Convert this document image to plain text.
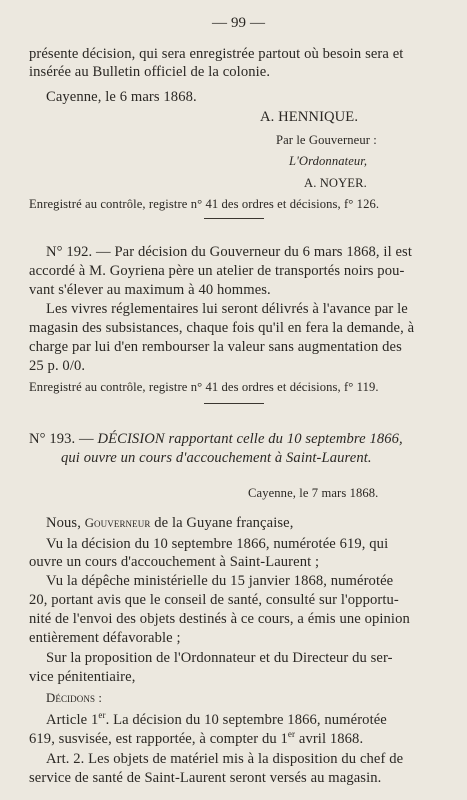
— 99 —

présente décision, qui sera enregistrée partout où besoin sera et

insérée au Bulletin officiel de la colonie.

Cayenne, le 6 mars 1868.

A. HENNIQUE.

Par le Gouverneur :

L'Ordonnateur,

A. NOYER.

Enregistré au contrôle, registre n° 41 des ordres et décisions, f° 126.

N° 192. — Par décision du Gouverneur du 6 mars 1868, il est

accordé à M. Goyriena père un atelier de transportés noirs pou-

vant s'élever au maximum à 40 hommes.

Les vivres réglementaires lui seront délivrés à l'avance par le

magasin des subsistances, chaque fois qu'il en fera la demande, à

charge par lui d'en rembourser la valeur sans augmentation des

25 p. 0/0.

Enregistré au contrôle, registre n° 41 des ordres et décisions, f° 119.

N° 193. — DÉCISION rapportant celle du 10 septembre 1866,

qui ouvre un cours d'accouchement à Saint-Laurent.

Cayenne, le 7 mars 1868.

Nous, Gouverneur de la Guyane française,

Vu la décision du 10 septembre 1866, numérotée 619, qui

ouvre un cours d'accouchement à Saint-Laurent ;

Vu la dépêche ministérielle du 15 janvier 1868, numérotée

20, portant avis que le conseil de santé, consulté sur l'opportu-

nité de l'envoi des objets destinés à ce cours, a émis une opinion

entièrement défavorable ;

Sur la proposition de l'Ordonnateur et du Directeur du ser-

vice pénitentiaire,

Décidons :

Article 1er. La décision du 10 septembre 1866, numérotée

619, susvisée, est rapportée, à compter du 1er avril 1868.

Art. 2. Les objets de matériel mis à la disposition du chef de

service de santé de Saint-Laurent seront versés au magasin.
